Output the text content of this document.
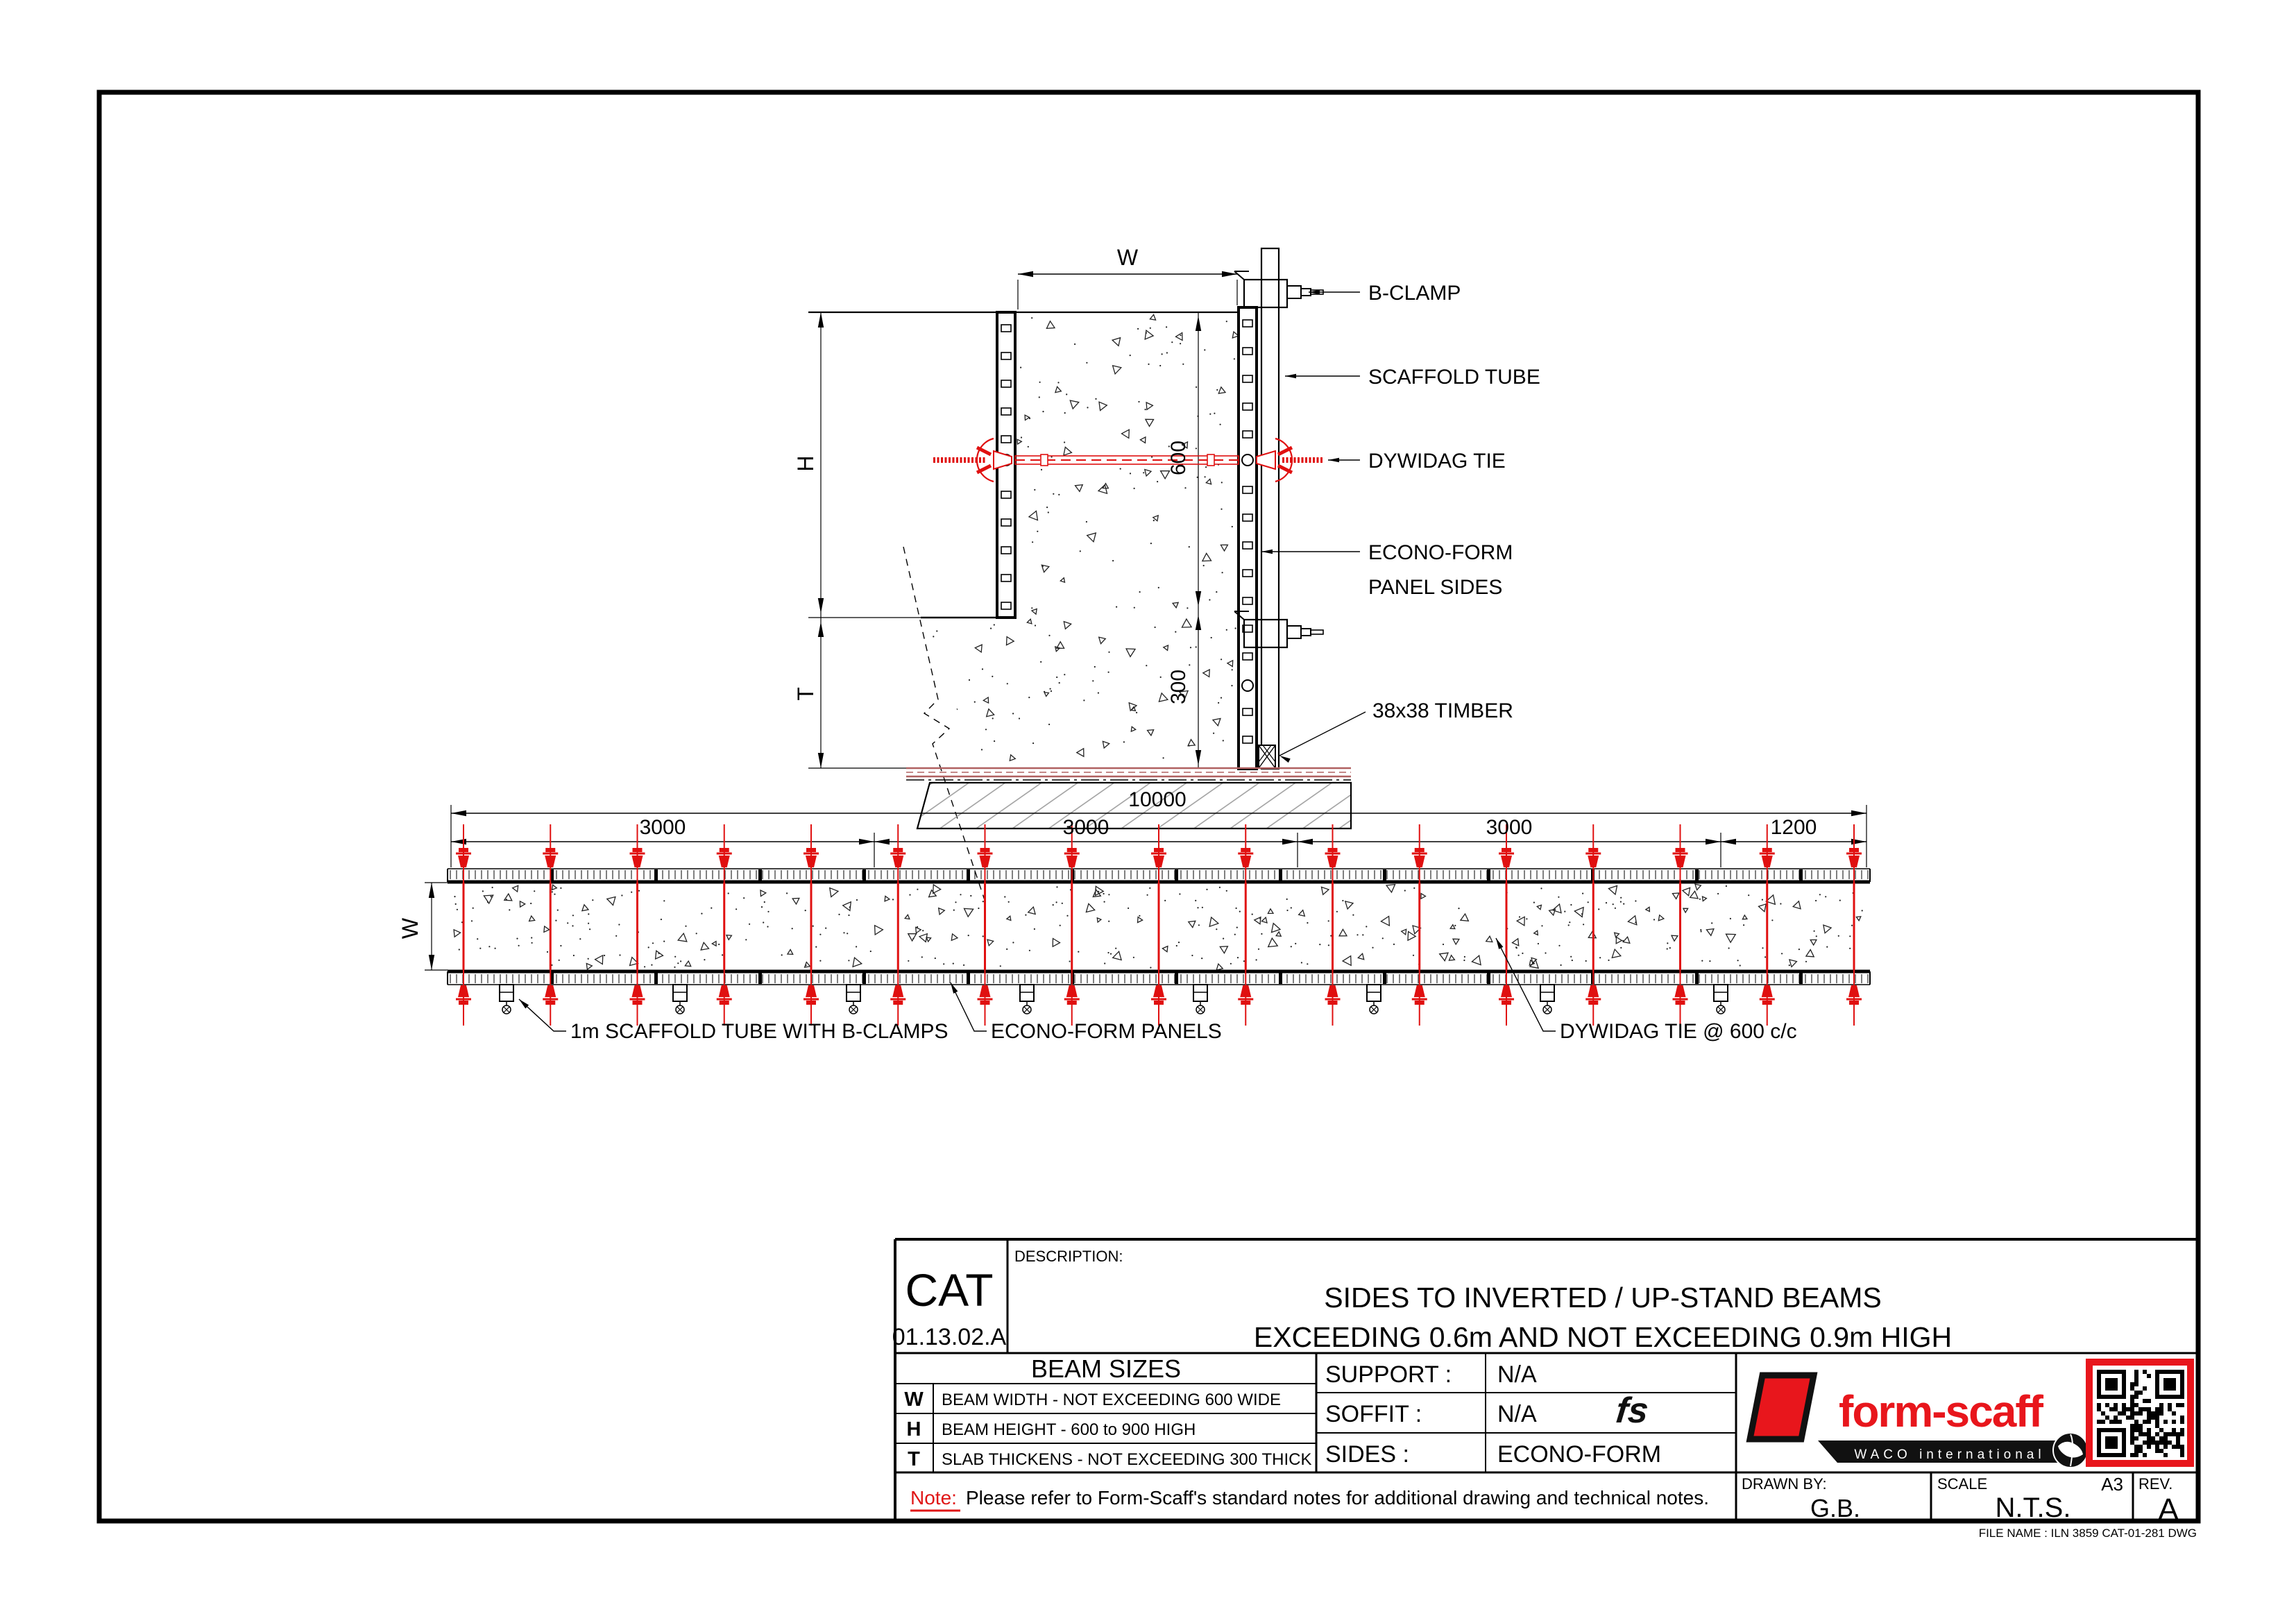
W
H
T
600
300
B-CLAMP
SCAFFOLD TUBE
DYWIDAG TIE
ECONO-FORM
PANEL SIDES
38x38 TIMBER
10000
3000	3000	3000	1200
W
1m SCAFFOLD TUBE WITH B-CLAMPS ECONO-FORM PANELS	DYWIDAG TIE @ 600 c/c
CAT
01.13.02.A
DESCRIPTION:
SIDES TO INVERTED / UP-STAND BEAMS
EXCEEDING 0.6m AND NOT EXCEEDING 0.9m HIGH
BEAM SIZES
W BEAM WIDTH - NOT EXCEEDING 600 WIDE
H BEAM HEIGHT - 600 to 900 HIGH
T SLAB THICKENS - NOT EXCEEDING 300 THICK
SUPPORT : N/A
SOFFIT :	N/A
SIDES :	ECONO-FORM
Note: Please refer to Form-Scaff's standard notes for additional drawing and technical notes.
DRAWN BY:
G.B.
SCALE	A3
N.T.S.
REV.
A
FILE NAME : ILN 3859 CAT-01-281 DWG
fs	form-scaff
WACO international
